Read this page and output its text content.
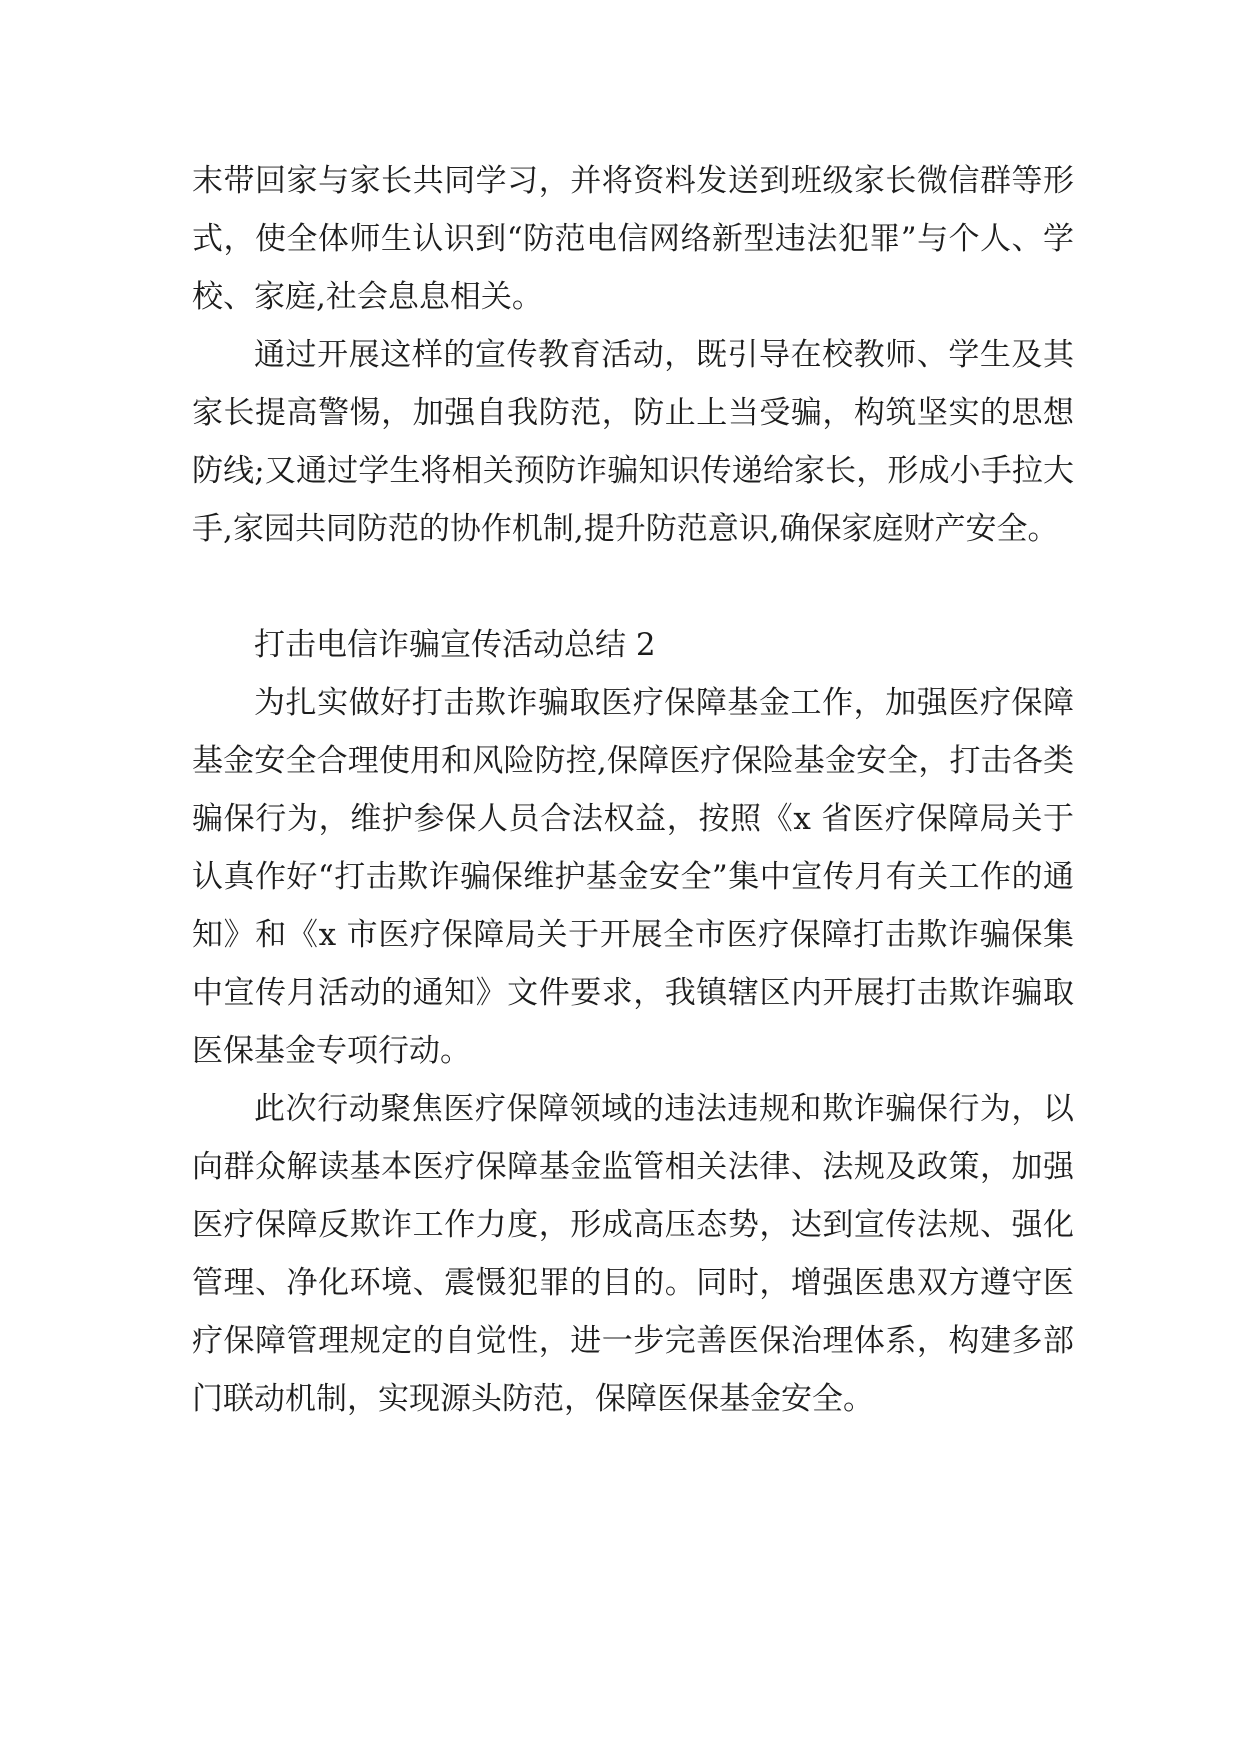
末带回家与家长共同学习，并将资料发送到班级家长微信群等形式，使全体师生认识到“防范电信网络新型违法犯罪”与个人、学校、家庭,社会息息相关。

通过开展这样的宣传教育活动，既引导在校教师、学生及其家长提高警惕，加强自我防范，防止上当受骗，构筑坚实的思想防线;又通过学生将相关预防诈骗知识传递给家长，形成小手拉大手,家园共同防范的协作机制,提升防范意识,确保家庭财产安全。

打击电信诈骗宣传活动总结 2

为扎实做好打击欺诈骗取医疗保障基金工作，加强医疗保障基金安全合理使用和风险防控,保障医疗保险基金安全，打击各类骗保行为，维护参保人员合法权益，按照《x 省医疗保障局关于认真作好“打击欺诈骗保维护基金安全”集中宣传月有关工作的通知》和《x 市医疗保障局关于开展全市医疗保障打击欺诈骗保集中宣传月活动的通知》文件要求，我镇辖区内开展打击欺诈骗取医保基金专项行动。

此次行动聚焦医疗保障领域的违法违规和欺诈骗保行为，以向群众解读基本医疗保障基金监管相关法律、法规及政策，加强医疗保障反欺诈工作力度，形成高压态势，达到宣传法规、强化管理、净化环境、震慑犯罪的目的。同时，增强医患双方遵守医疗保障管理规定的自觉性，进一步完善医保治理体系，构建多部门联动机制，实现源头防范，保障医保基金安全。
